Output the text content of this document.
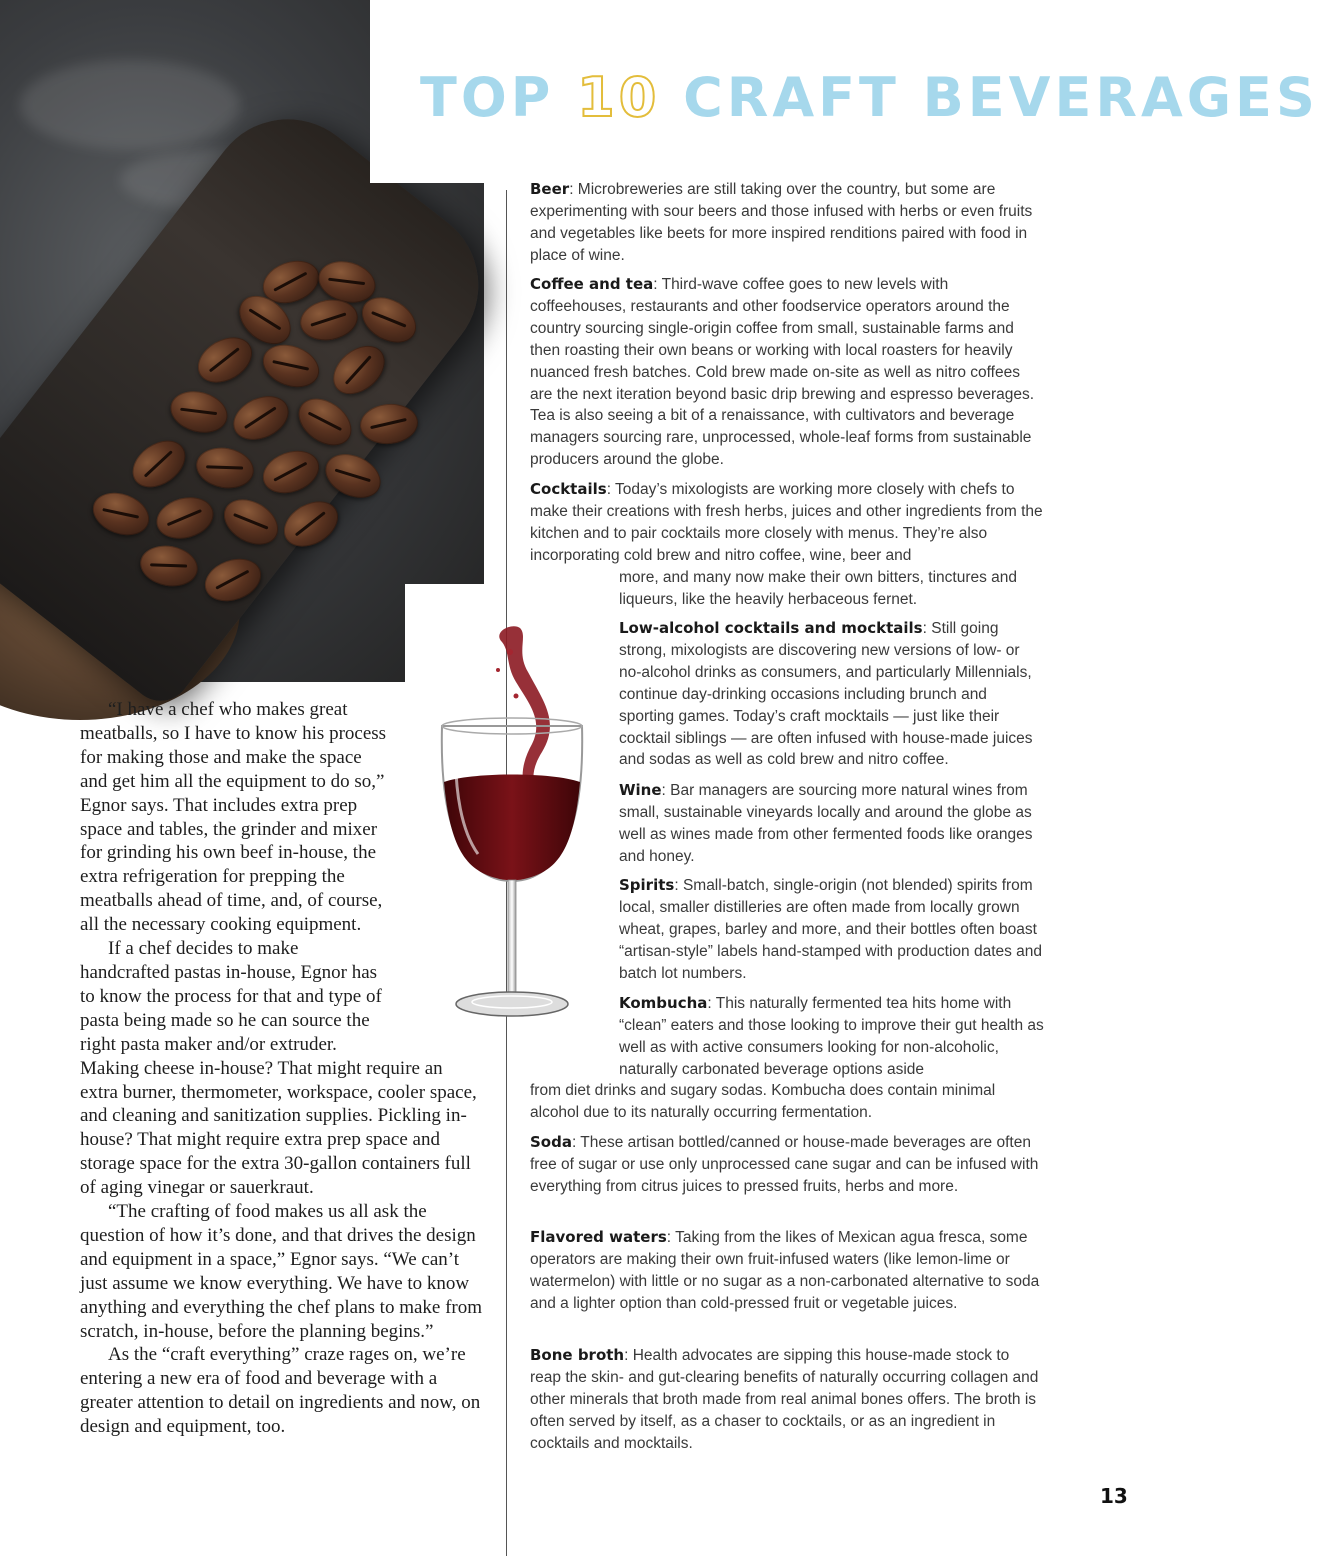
TOP 10 CRAFT BEVERAGES
Beer: Microbreweries are still taking over the country, but some are experimenting with sour beers and those infused with herbs or even fruits and vegetables like beets for more inspired renditions paired with food in place of wine.
Coffee and tea: Third-wave coffee goes to new levels with coffeehouses, restaurants and other foodservice operators around the country sourcing single-origin coffee from small, sustainable farms and then roasting their own beans or working with local roasters for heavily nuanced fresh batches. Cold brew made on-site as well as nitro coffees are the next iteration beyond basic drip brewing and espresso beverages. Tea is also seeing a bit of a renaissance, with cultivators and beverage managers sourcing rare, unprocessed, whole-leaf forms from sustainable producers around the globe.
Cocktails: Today’s mixologists are working more closely with chefs to make their creations with fresh herbs, juices and other ingredients from the kitchen and to pair cocktails more closely with menus. They’re also incorporating cold brew and nitro coffee, wine, beer and
more, and many now make their own bitters, tinctures and liqueurs, like the heavily herbaceous fernet.
Low-alcohol cocktails and mocktails: Still going strong, mixologists are discovering new versions of low- or no-alcohol drinks as consumers, and particularly Millennials, continue day-drinking occasions including brunch and sporting games. Today’s craft mocktails — just like their cocktail siblings — are often infused with house-made juices and sodas as well as cold brew and nitro coffee.
Wine: Bar managers are sourcing more natural wines from small, sustainable vineyards locally and around the globe as well as wines made from other fermented foods like oranges and honey.
Spirits: Small-batch, single-origin (not blended) spirits from local, smaller distilleries are often made from locally grown wheat, grapes, barley and more, and their bottles often boast “artisan-style” labels hand-stamped with production dates and batch lot numbers.
Kombucha: This naturally fermented tea hits home with “clean” eaters and those looking to improve their gut health as well as with active consumers looking for non-alcoholic, naturally carbonated beverage options aside
from diet drinks and sugary sodas. Kombucha does contain minimal alcohol due to its naturally occurring fermentation.
Soda: These artisan bottled/canned or house-made beverages are often free of sugar or use only unprocessed cane sugar and can be infused with everything from citrus juices to pressed fruits, herbs and more.
Flavored waters: Taking from the likes of Mexican agua fresca, some operators are making their own fruit-infused waters (like lemon-lime or watermelon) with little or no sugar as a non-carbonated alternative to soda and a lighter option than cold-pressed fruit or vegetable juices.
Bone broth: Health advocates are sipping this house-made stock to reap the skin- and gut-clearing benefits of naturally occurring collagen and other minerals that broth made from real animal bones offers. The broth is often served by itself, as a chaser to cocktails, or as an ingredient in cocktails and mocktails.

“I have a chef who makes great meatballs, so I have to know his process for making those and make the space and get him all the equipment to do so,” Egnor says. That includes extra prep space and tables, the grinder and mixer for grinding his own beef in-house, the extra refrigeration for prepping the meatballs ahead of time, and, of course, all the necessary cooking equipment.

If a chef decides to make handcrafted pastas in-house, Egnor has to know the process for that and type of pasta being made so he can source the right pasta maker and/or extruder.

Making cheese in-house? That might require an extra burner, thermometer, workspace, cooler space, and cleaning and sanitization supplies. Pickling in-house? That might require extra prep space and storage space for the extra 30-gallon containers full of aging vinegar or sauerkraut.

“The crafting of food makes us all ask the question of how it’s done, and that drives the design and equipment in a space,” Egnor says. “We can’t just assume we know everything. We have to know anything and everything the chef plans to make from scratch, in-house, before the planning begins.”

As the “craft everything” craze rages on, we’re entering a new era of food and beverage with a greater attention to detail on ingredients and now, on design and equipment, too.

13
